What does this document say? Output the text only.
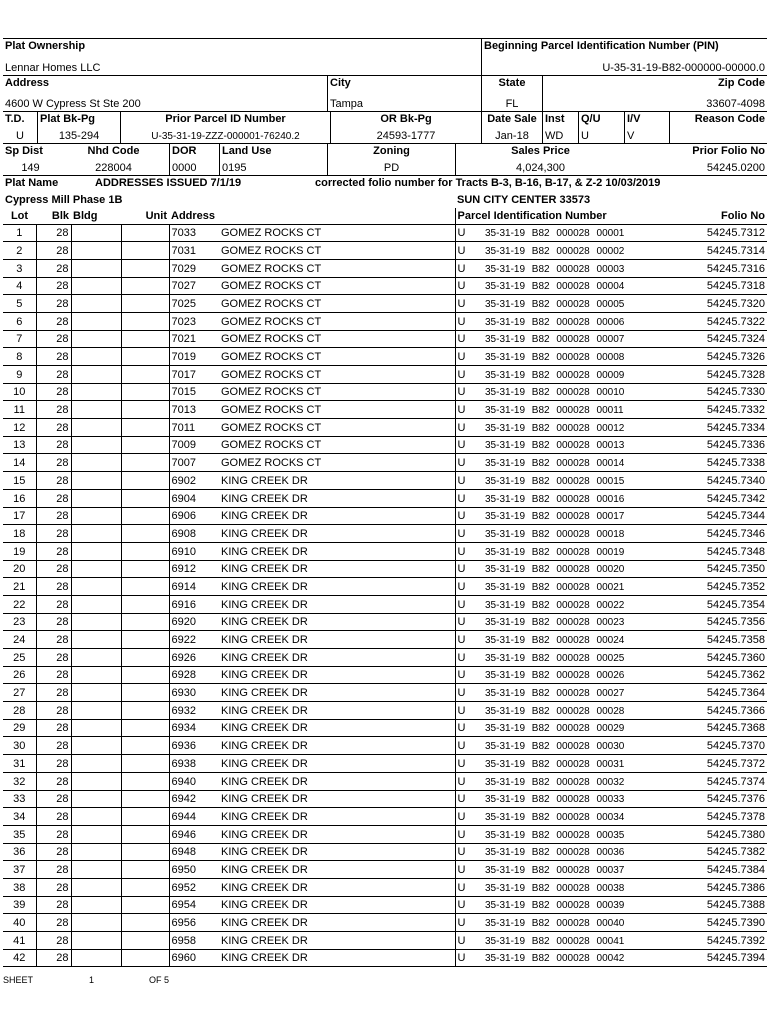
Plat Ownership
Lennar Homes LLC
Beginning Parcel Identification Number (PIN)
U-35-31-19-B82-000000-00000.0
Address
4600 W Cypress St Ste 200
City
Tampa
State
FL
Zip Code
33607-4098
T.D.
U
Plat Bk-Pg
135-294
Prior Parcel ID Number
U-35-31-19-ZZZ-000001-76240.2
OR Bk-Pg
24593-1777
Date Sale
Jan-18
Inst
WD
Q/U
U
I/V
V
Reason Code
Sp Dist
149
Nhd Code
228004
DOR
0000
Land Use
0195
Zoning
PD
Sales Price
4,024,300
Prior Folio No
54245.0200
Plat Name	ADDRESSES ISSUED 7/1/19	corrected folio number for Tracts B-3, B-16, B-17, & Z-2 10/03/2019
Cypress Mill Phase 1B	SUN CITY CENTER 33573
Lot	Blk	Bldg	Unit	Address		Parcel Identification Number		Folio No
1	28			7033	GOMEZ ROCKS CT	U	35-31-19 B82 000028 00001	54245.7312
2	28			7031	GOMEZ ROCKS CT	U	35-31-19 B82 000028 00002	54245.7314
3	28			7029	GOMEZ ROCKS CT	U	35-31-19 B82 000028 00003	54245.7316
4	28			7027	GOMEZ ROCKS CT	U	35-31-19 B82 000028 00004	54245.7318
5	28			7025	GOMEZ ROCKS CT	U	35-31-19 B82 000028 00005	54245.7320
6	28			7023	GOMEZ ROCKS CT	U	35-31-19 B82 000028 00006	54245.7322
7	28			7021	GOMEZ ROCKS CT	U	35-31-19 B82 000028 00007	54245.7324
8	28			7019	GOMEZ ROCKS CT	U	35-31-19 B82 000028 00008	54245.7326
9	28			7017	GOMEZ ROCKS CT	U	35-31-19 B82 000028 00009	54245.7328
10	28			7015	GOMEZ ROCKS CT	U	35-31-19 B82 000028 00010	54245.7330
11	28			7013	GOMEZ ROCKS CT	U	35-31-19 B82 000028 00011	54245.7332
12	28			7011	GOMEZ ROCKS CT	U	35-31-19 B82 000028 00012	54245.7334
13	28			7009	GOMEZ ROCKS CT	U	35-31-19 B82 000028 00013	54245.7336
14	28			7007	GOMEZ ROCKS CT	U	35-31-19 B82 000028 00014	54245.7338
15	28			6902	KING CREEK DR	U	35-31-19 B82 000028 00015	54245.7340
16	28			6904	KING CREEK DR	U	35-31-19 B82 000028 00016	54245.7342
17	28			6906	KING CREEK DR	U	35-31-19 B82 000028 00017	54245.7344
18	28			6908	KING CREEK DR	U	35-31-19 B82 000028 00018	54245.7346
19	28			6910	KING CREEK DR	U	35-31-19 B82 000028 00019	54245.7348
20	28			6912	KING CREEK DR	U	35-31-19 B82 000028 00020	54245.7350
21	28			6914	KING CREEK DR	U	35-31-19 B82 000028 00021	54245.7352
22	28			6916	KING CREEK DR	U	35-31-19 B82 000028 00022	54245.7354
23	28			6920	KING CREEK DR	U	35-31-19 B82 000028 00023	54245.7356
24	28			6922	KING CREEK DR	U	35-31-19 B82 000028 00024	54245.7358
25	28			6926	KING CREEK DR	U	35-31-19 B82 000028 00025	54245.7360
26	28			6928	KING CREEK DR	U	35-31-19 B82 000028 00026	54245.7362
27	28			6930	KING CREEK DR	U	35-31-19 B82 000028 00027	54245.7364
28	28			6932	KING CREEK DR	U	35-31-19 B82 000028 00028	54245.7366
29	28			6934	KING CREEK DR	U	35-31-19 B82 000028 00029	54245.7368
30	28			6936	KING CREEK DR	U	35-31-19 B82 000028 00030	54245.7370
31	28			6938	KING CREEK DR	U	35-31-19 B82 000028 00031	54245.7372
32	28			6940	KING CREEK DR	U	35-31-19 B82 000028 00032	54245.7374
33	28			6942	KING CREEK DR	U	35-31-19 B82 000028 00033	54245.7376
34	28			6944	KING CREEK DR	U	35-31-19 B82 000028 00034	54245.7378
35	28			6946	KING CREEK DR	U	35-31-19 B82 000028 00035	54245.7380
36	28			6948	KING CREEK DR	U	35-31-19 B82 000028 00036	54245.7382
37	28			6950	KING CREEK DR	U	35-31-19 B82 000028 00037	54245.7384
38	28			6952	KING CREEK DR	U	35-31-19 B82 000028 00038	54245.7386
39	28			6954	KING CREEK DR	U	35-31-19 B82 000028 00039	54245.7388
40	28			6956	KING CREEK DR	U	35-31-19 B82 000028 00040	54245.7390
41	28			6958	KING CREEK DR	U	35-31-19 B82 000028 00041	54245.7392
42	28			6960	KING CREEK DR	U	35-31-19 B82 000028 00042	54245.7394
SHEET	1	OF 5
